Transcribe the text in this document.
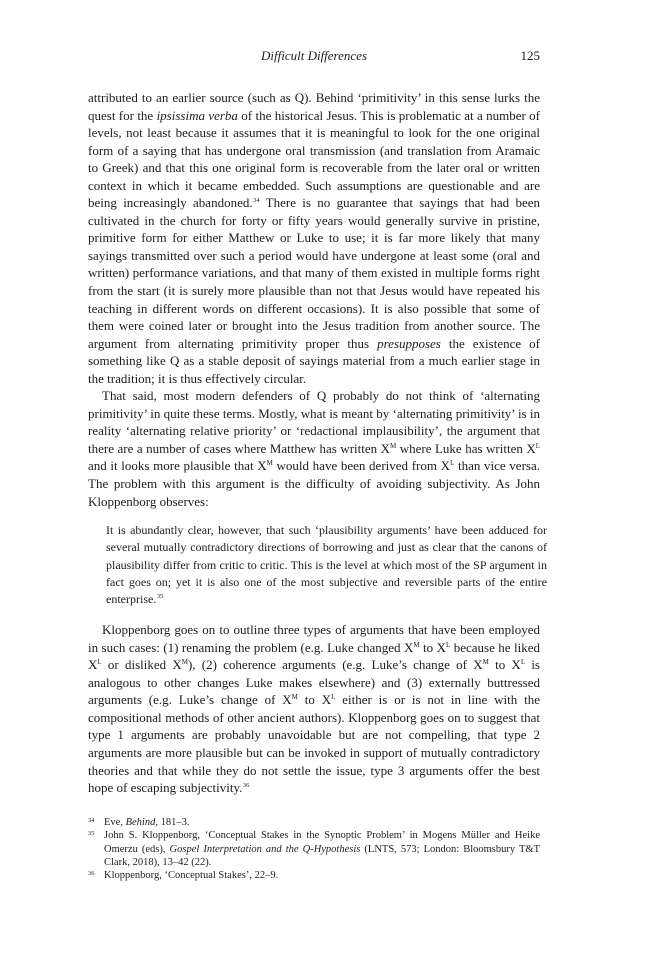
Difficult Differences	125

attributed to an earlier source (such as Q). Behind ‘primitivity’ in this sense lurks the quest for the ipsissima verba of the historical Jesus. This is problematic at a number of levels, not least because it assumes that it is meaningful to look for the one original form of a saying that has undergone oral transmission (and translation from Aramaic to Greek) and that this one original form is recoverable from the later oral or written context in which it became embedded. Such assumptions are questionable and are being increasingly abandoned.$^{34}$ There is no guarantee that sayings that had been cultivated in the church for forty or fifty years would generally survive in pristine, primitive form for either Matthew or Luke to use; it is far more likely that many sayings transmitted over such a period would have undergone at least some (oral and written) performance variations, and that many of them existed in multiple forms right from the start (it is surely more plausible than not that Jesus would have repeated his teaching in different words on different occasions). It is also possible that some of them were coined later or brought into the Jesus tradition from another source. The argument from alternating primitivity proper thus presupposes the existence of something like Q as a stable deposit of sayings material from a much earlier stage in the tradition; it is thus effectively circular.

That said, most modern defenders of Q probably do not think of ‘alternating primitivity’ in quite these terms. Mostly, what is meant by ‘alternating primitivity’ is in reality ‘alternating relative priority’ or ‘redactional implausibility’, the argument that there are a number of cases where Matthew has written $X^M$ where Luke has written $X^L$ and it looks more plausible that $X^M$ would have been derived from $X^L$ than vice versa. The problem with this argument is the difficulty of avoiding subjectivity. As John Kloppenborg observes:

It is abundantly clear, however, that such ‘plausibility arguments’ have been adduced for several mutually contradictory directions of borrowing and just as clear that the canons of plausibility differ from critic to critic. This is the level at which most of the SP argument in fact goes on; yet it is also one of the most subjective and reversible parts of the entire enterprise.$^{35}$

Kloppenborg goes on to outline three types of arguments that have been employed in such cases: (1) renaming the problem (e.g. Luke changed $X^M$ to $X^L$ because he liked $X^L$ or disliked $X^M$), (2) coherence arguments (e.g. Luke’s change of $X^M$ to $X^L$ is analogous to other changes Luke makes elsewhere) and (3) externally buttressed arguments (e.g. Luke’s change of $X^M$ to $X^L$ either is or is not in line with the compositional methods of other ancient authors). Kloppenborg goes on to suggest that type 1 arguments are probably unavoidable but are not compelling, that type 2 arguments are more plausible but can be invoked in support of mutually contradictory theories and that while they do not settle the issue, type 3 arguments offer the best hope of escaping subjectivity.$^{36}$

34 Eve, Behind, 181–3.
35 John S. Kloppenborg, ‘Conceptual Stakes in the Synoptic Problem’ in Mogens Müller and Heike Omerzu (eds), Gospel Interpretation and the Q-Hypothesis (LNTS, 573; London: Bloomsbury T&T Clark, 2018), 13–42 (22).
36 Kloppenborg, ‘Conceptual Stakes’, 22–9.
